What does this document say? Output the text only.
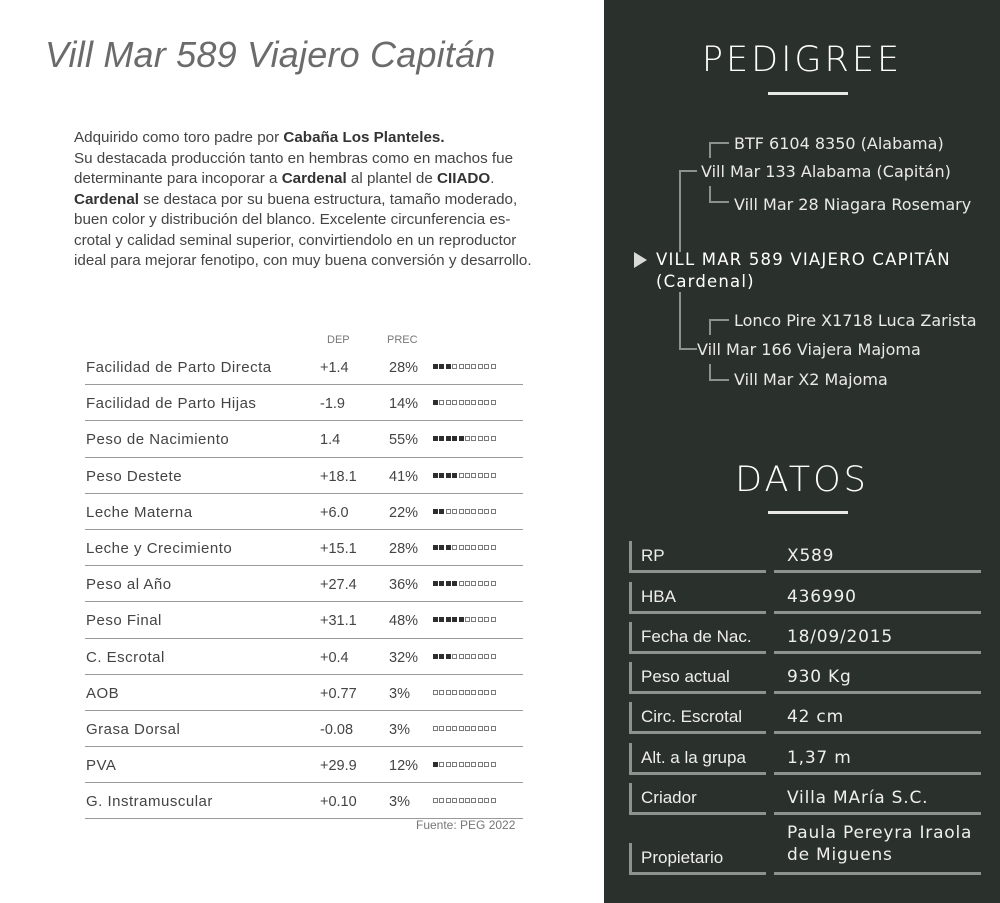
Vill Mar 589 Viajero Capitán
Adquirido como toro padre por Cabaña Los Planteles.
Su destacada producción tanto en hembras como en machos fue
determinante para incoporar a Cardenal al plantel de CIIADO.
Cardenal se destaca por su buena estructura, tamaño moderado,
buen color y distribución del blanco. Excelente circunferencia es-
crotal y calidad seminal superior, convirtiendolo en un reproductor
ideal para mejorar fenotipo, con muy buena conversión y desarrollo.
DEP	PREC
Facilidad de Parto Directa	+1.4	28%
Facilidad de Parto Hijas	-1.9	14%
Peso de Nacimiento	1.4	55%
Peso Destete	+18.1 41%
Leche Materna	+6.0	22%
Leche y Crecimiento	+15.1 28%
Peso al Año	+27.4 36%
Peso Final	+31.1 48%
C. Escrotal	+0.4	32%
AOB	+0.77 3%
Grasa Dorsal	-0.08 3%
PVA	+29.9 12%
G. Instramuscular	+0.10 3%
Fuente: PEG 2022
PEDIGREE
BTF 6104 8350 (Alabama)
Vill Mar 133 Alabama (Capitán)
Vill Mar 28 Niagara Rosemary
VILL MAR 589 VIAJERO CAPITÁN
(Cardenal)
Lonco Pire X1718 Luca Zarista
Vill Mar 166 Viajera Majoma
Vill Mar X2 Majoma
DATOS
RP	X589
HBA	436990
Fecha de Nac. 18/09/2015
Peso actual	930 Kg
Circ. Escrotal	42 cm
Alt. a la grupa 1,37 m
Criador	Villa MAría S.C.
Propietario
Paula Pereyra Iraola
de Miguens
